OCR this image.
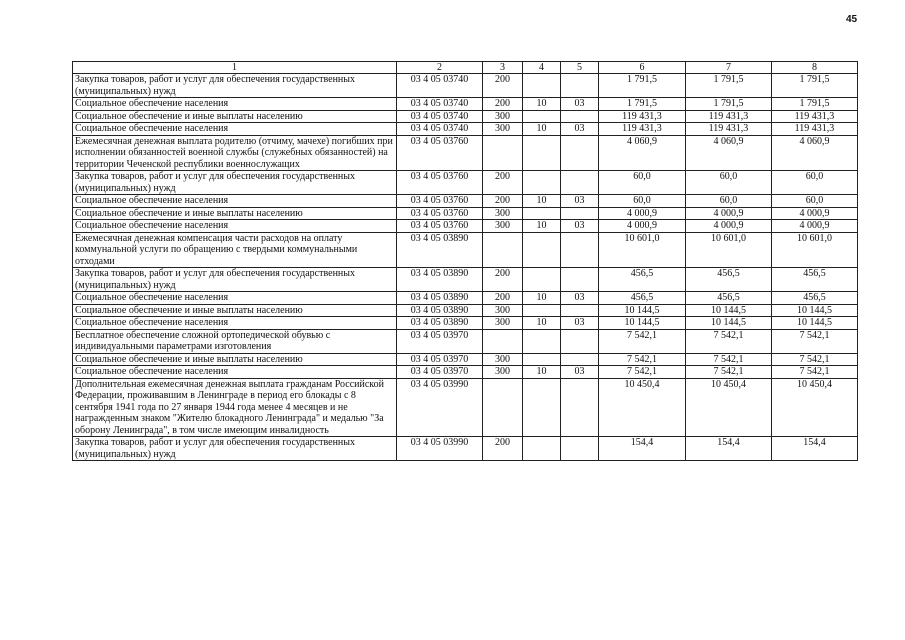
45
1	2	3	4	5	6	7	8
Закупка товаров, работ и услуг для обеспечения государственных (муниципальных) нужд	03 4 05 03740	200			1 791,5	1 791,5	1 791,5
Социальное обеспечение населения	03 4 05 03740	200	10	03	1 791,5	1 791,5	1 791,5
Социальное обеспечение и иные выплаты населению	03 4 05 03740	300			119 431,3	119 431,3	119 431,3
Социальное обеспечение населения	03 4 05 03740	300	10	03	119 431,3	119 431,3	119 431,3
Ежемесячная денежная выплата родителю (отчиму, мачехе) погибших при исполнении обязанностей военной службы (служебных обязанностей) на территории Чеченской республики военнослужащих	03 4 05 03760				4 060,9	4 060,9	4 060,9
Закупка товаров, работ и услуг для обеспечения государственных (муниципальных) нужд	03 4 05 03760	200			60,0	60,0	60,0
Социальное обеспечение населения	03 4 05 03760	200	10	03	60,0	60,0	60,0
Социальное обеспечение и иные выплаты населению	03 4 05 03760	300			4 000,9	4 000,9	4 000,9
Социальное обеспечение населения	03 4 05 03760	300	10	03	4 000,9	4 000,9	4 000,9
Ежемесячная денежная компенсация части расходов на оплату коммунальной услуги по обращению с твердыми коммунальными отходами	03 4 05 03890				10 601,0	10 601,0	10 601,0
Закупка товаров, работ и услуг для обеспечения государственных (муниципальных) нужд	03 4 05 03890	200			456,5	456,5	456,5
Социальное обеспечение населения	03 4 05 03890	200	10	03	456,5	456,5	456,5
Социальное обеспечение и иные выплаты населению	03 4 05 03890	300			10 144,5	10 144,5	10 144,5
Социальное обеспечение населения	03 4 05 03890	300	10	03	10 144,5	10 144,5	10 144,5
Бесплатное обеспечение сложной ортопедической обувью с индивидуальными параметрами изготовления	03 4 05 03970				7 542,1	7 542,1	7 542,1
Социальное обеспечение и иные выплаты населению	03 4 05 03970	300			7 542,1	7 542,1	7 542,1
Социальное обеспечение населения	03 4 05 03970	300	10	03	7 542,1	7 542,1	7 542,1
Дополнительная ежемесячная денежная выплата гражданам Российской Федерации, проживавшим в Ленинграде в период его блокады с 8 сентября 1941 года по 27 января 1944 года менее 4 месяцев и не награжденным знаком "Жителю блокадного Ленинграда" и медалью "За оборону Ленинграда", в том числе имеющим инвалидность	03 4 05 03990				10 450,4	10 450,4	10 450,4
Закупка товаров, работ и услуг для обеспечения государственных (муниципальных) нужд	03 4 05 03990	200			154,4	154,4	154,4
